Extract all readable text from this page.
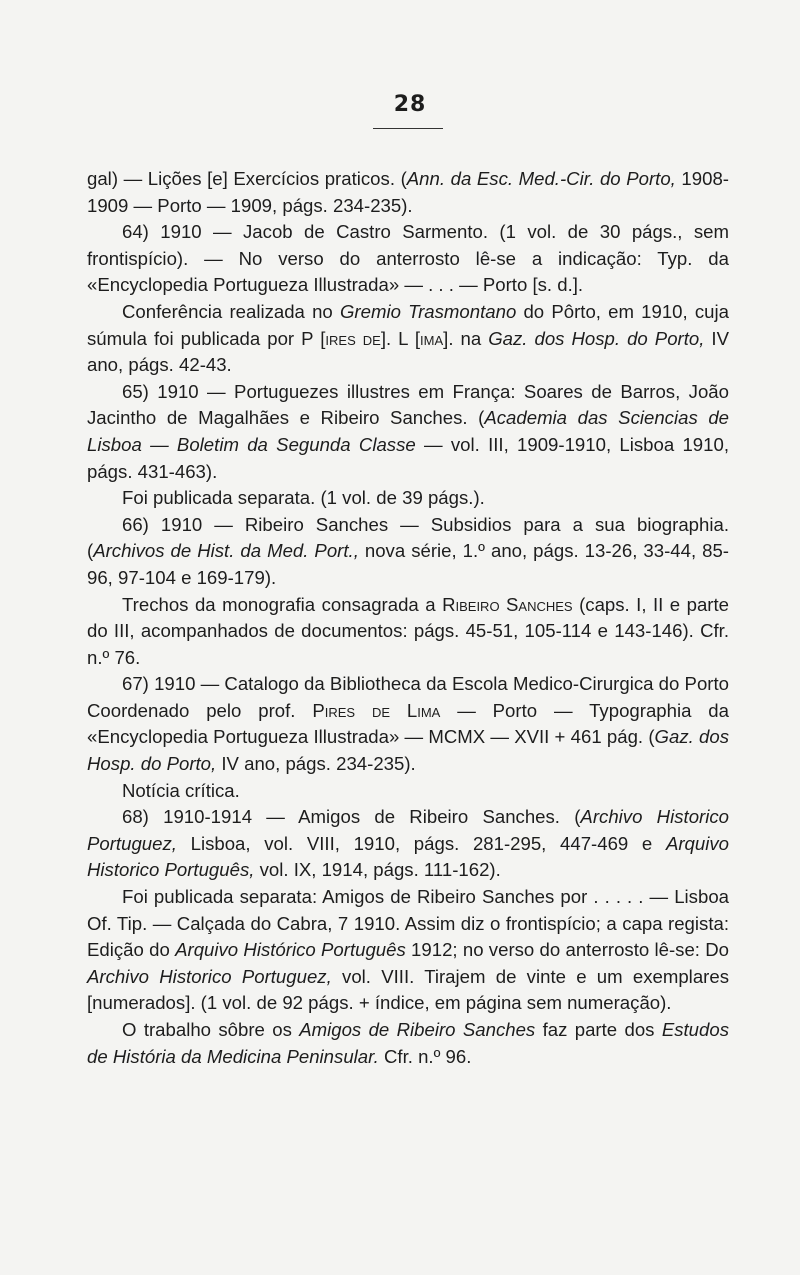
28

gal) — Lições [e] Exercícios praticos. (Ann. da Esc. Med.-Cir. do Porto, 1908-1909 — Porto — 1909, págs. 234-235).

64) 1910 — Jacob de Castro Sarmento. (1 vol. de 30 págs., sem frontispício). — No verso do anterrosto lê-se a indicação: Typ. da «Encyclopedia Portugueza Illustrada» — . . . — Porto [s. d.].

Conferência realizada no Gremio Trasmontano do Pôrto, em 1910, cuja súmula foi publicada por P [ires de]. L [ima]. na Gaz. dos Hosp. do Porto, IV ano, págs. 42-43.

65) 1910 — Portuguezes illustres em França: Soares de Barros, João Jacintho de Magalhães e Ribeiro Sanches. (Academia das Sciencias de Lisboa — Boletim da Segunda Classe — vol. III, 1909-1910, Lisboa 1910, págs. 431-463).

Foi publicada separata. (1 vol. de 39 págs.).

66) 1910 — Ribeiro Sanches — Subsidios para a sua biographia. (Archivos de Hist. da Med. Port., nova série, 1.º ano, págs. 13-26, 33-44, 85-96, 97-104 e 169-179).

Trechos da monografia consagrada a Ribeiro Sanches (caps. I, II e parte do III, acompanhados de documentos: págs. 45-51, 105-114 e 143-146). Cfr. n.º 76.

67) 1910 — Catalogo da Bibliotheca da Escola Medico-Cirurgica do Porto Coordenado pelo prof. Pires de Lima — Porto — Typographia da «Encyclopedia Portugueza Illustrada» — MCMX — XVII + 461 pág. (Gaz. dos Hosp. do Porto, IV ano, págs. 234-235).

Notícia crítica.

68) 1910-1914 — Amigos de Ribeiro Sanches. (Archivo Historico Portuguez, Lisboa, vol. VIII, 1910, págs. 281-295, 447-469 e Arquivo Historico Português, vol. IX, 1914, págs. 111-162).

Foi publicada separata: Amigos de Ribeiro Sanches por . . . . . — Lisboa Of. Tip. — Calçada do Cabra, 7 1910. Assim diz o frontispício; a capa regista: Edição do Arquivo Histórico Português 1912; no verso do anterrosto lê-se: Do Archivo Historico Portuguez, vol. VIII. Tirajem de vinte e um exemplares [numerados]. (1 vol. de 92 págs. + índice, em página sem numeração).

O trabalho sôbre os Amigos de Ribeiro Sanches faz parte dos Estudos de História da Medicina Peninsular. Cfr. n.º 96.
